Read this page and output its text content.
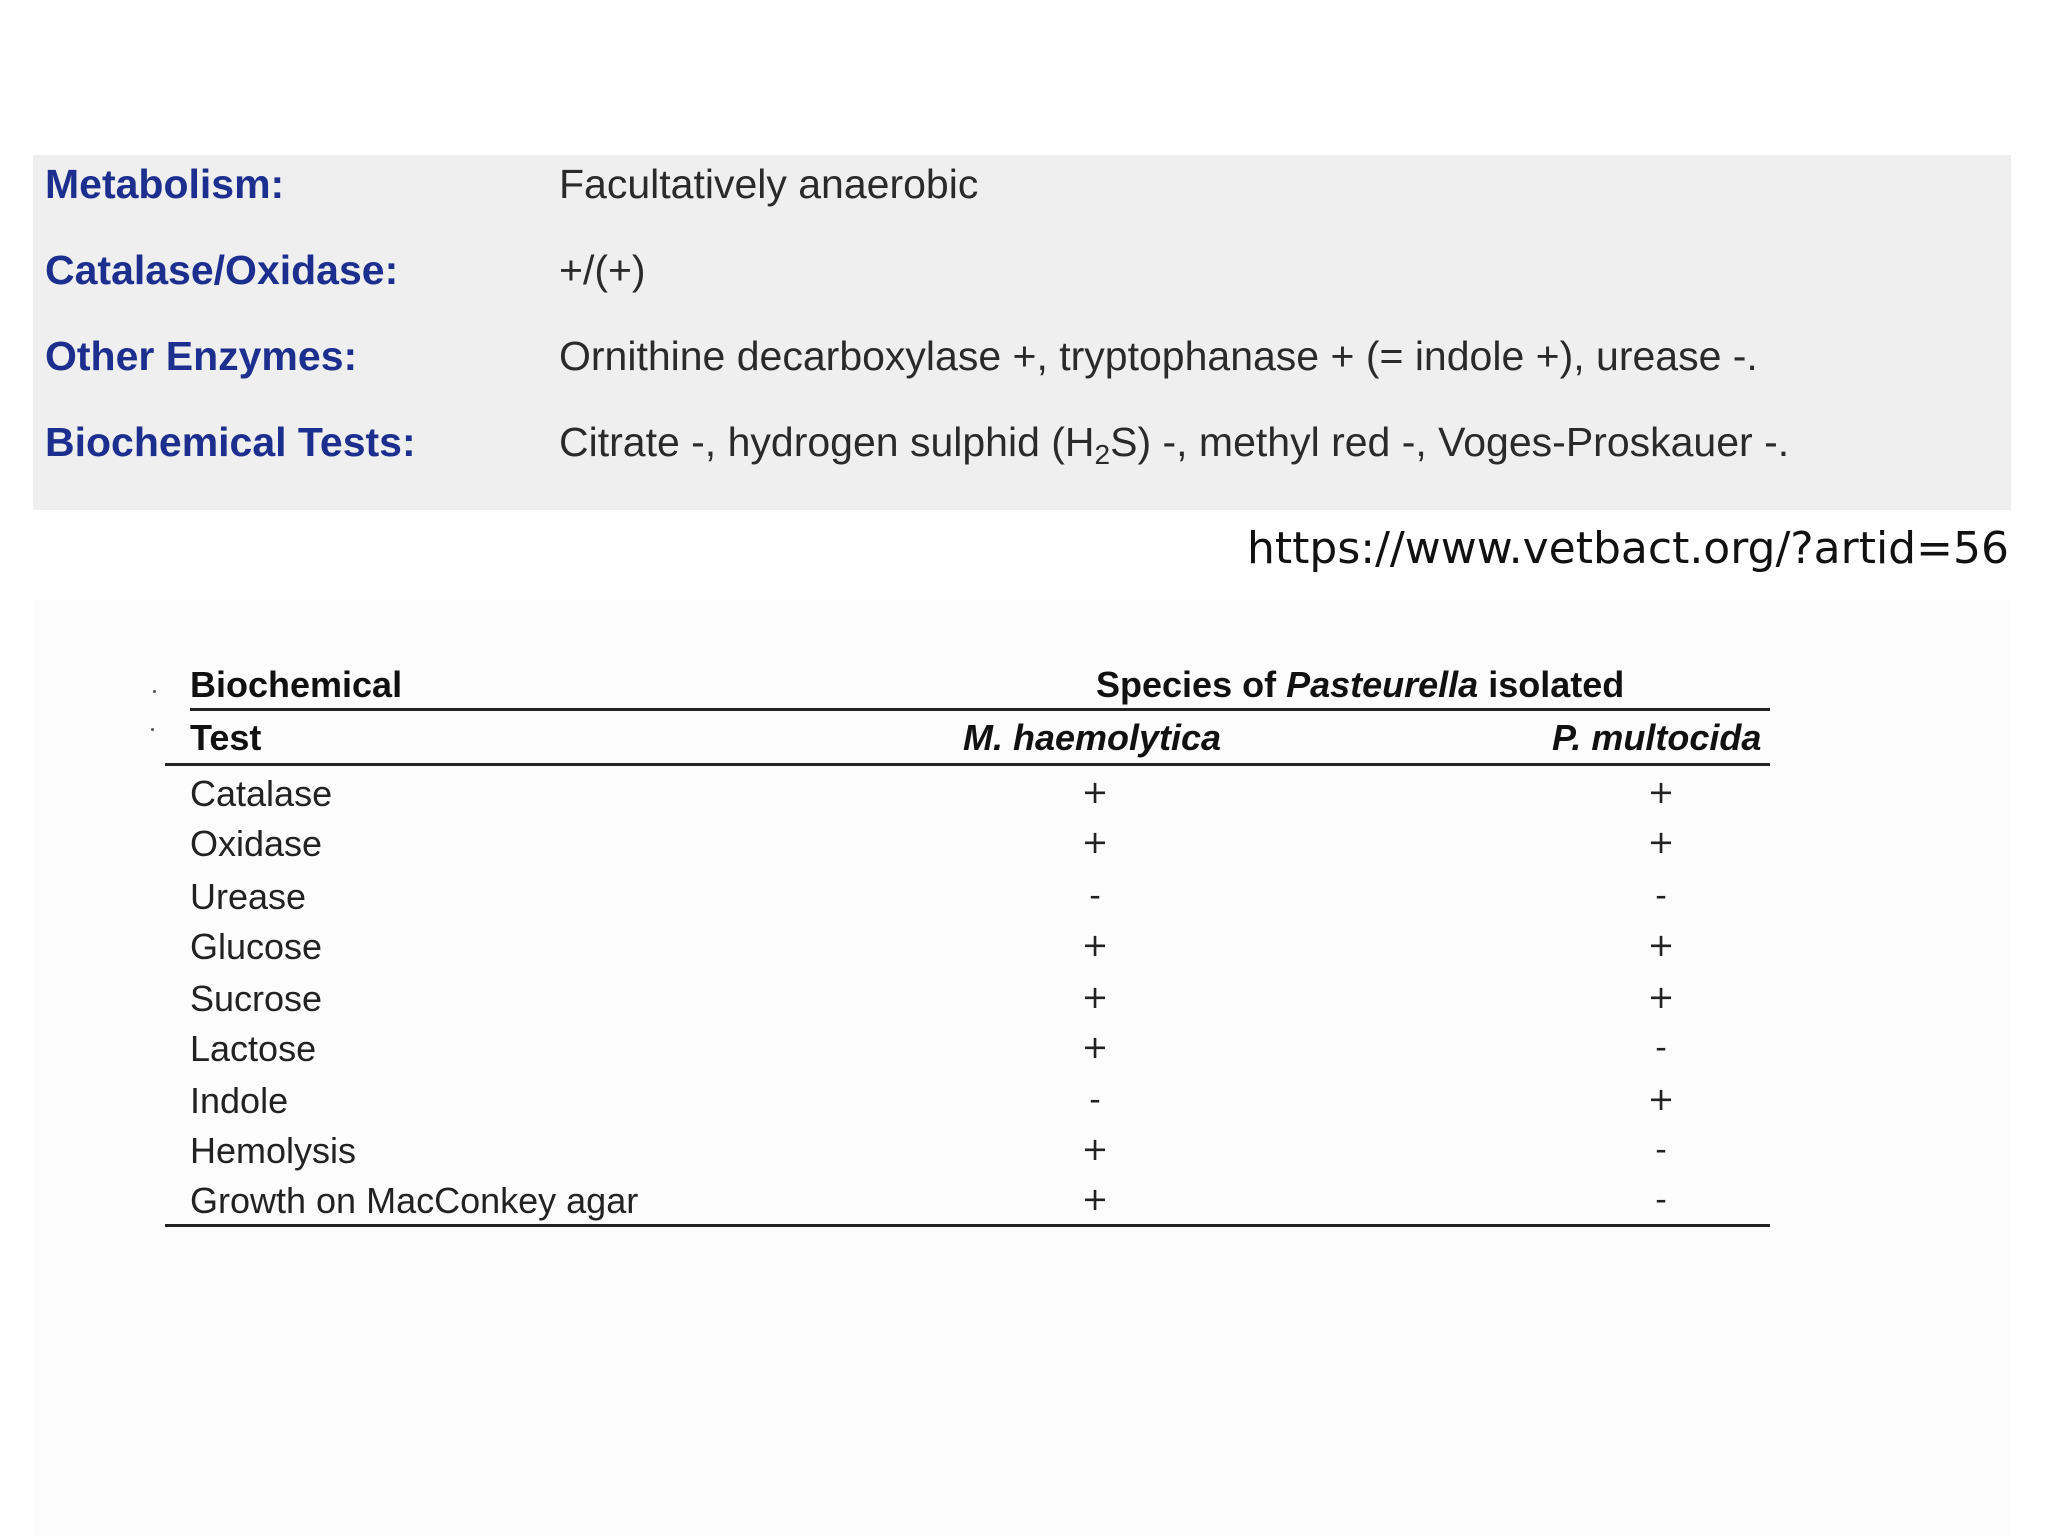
Metabolism:	Facultatively anaerobic
Catalase/Oxidase:	+/(+)
Other Enzymes:	Ornithine decarboxylase +, tryptophanase + (= indole +), urease -.
Biochemical Tests:	Citrate -, hydrogen sulphid $(H_2S)$ -, methyl red -, Voges-Proskauer -.
https://www.vetbact.org/?artid=56
Biochemical	Species of Pasteurella isolated
Test	M. haemolytica	P. multocida
Catalase	+	+
Oxidase	+	+
Urease	-	-
Glucose	+	+
Sucrose	+	+
Lactose	+	-
Indole	-	+
Hemolysis	+	-
Growth on MacConkey agar	+	-
